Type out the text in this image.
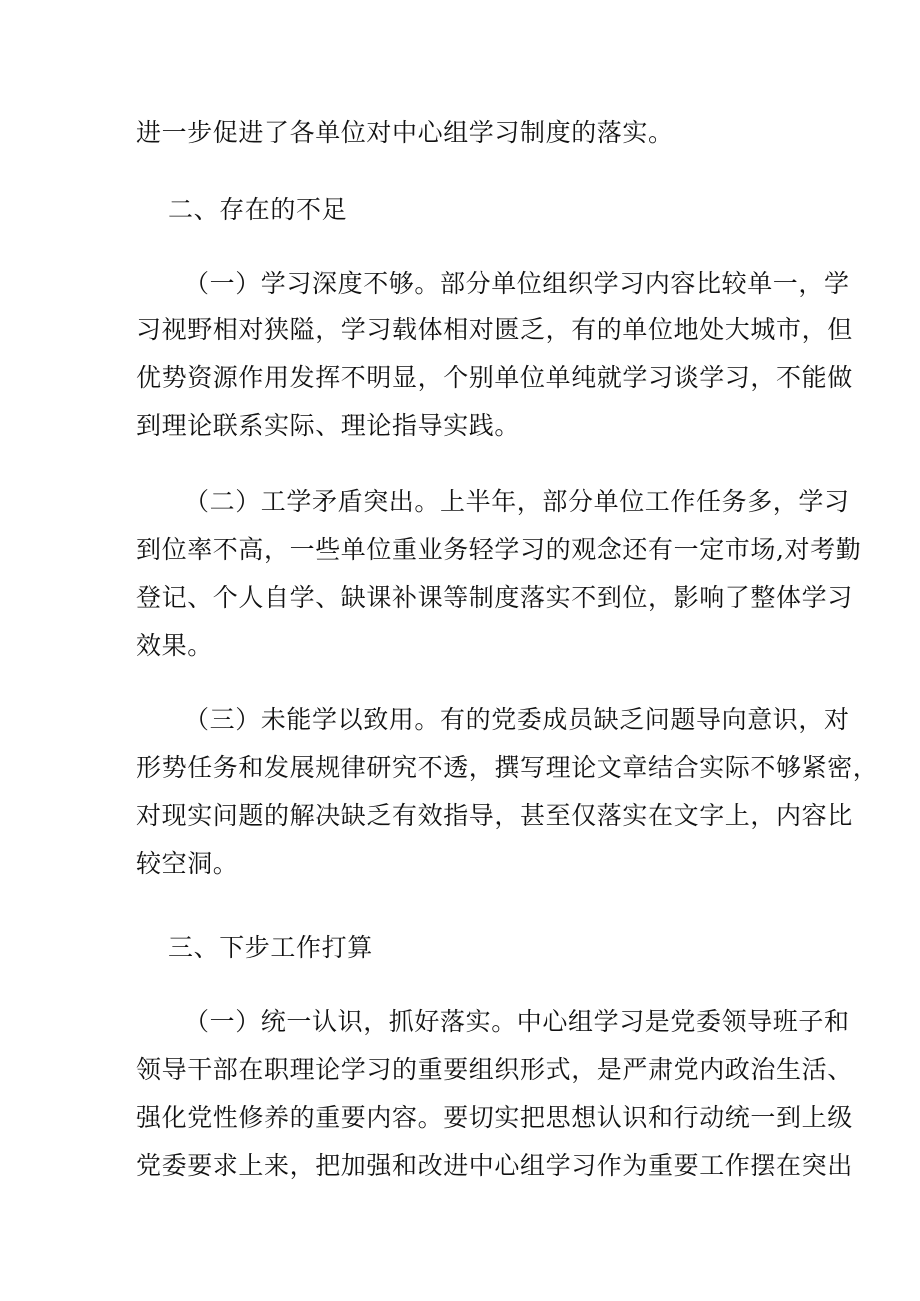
进一步促进了各单位对中心组学习制度的落实。
二、存在的不足
（一）学习深度不够。部分单位组织学习内容比较单一，学
习视野相对狭隘，学习载体相对匮乏，有的单位地处大城市，但
优势资源作用发挥不明显，个别单位单纯就学习谈学习，不能做
到理论联系实际、理论指导实践。
（二）工学矛盾突出。上半年，部分单位工作任务多，学习
到位率不高，一些单位重业务轻学习的观念还有一定市场,对考勤
登记、个人自学、缺课补课等制度落实不到位，影响了整体学习
效果。
（三）未能学以致用。有的党委成员缺乏问题导向意识，对
形势任务和发展规律研究不透，撰写理论文章结合实际不够紧密，
对现实问题的解决缺乏有效指导，甚至仅落实在文字上，内容比
较空洞。
三、下步工作打算
（一）统一认识，抓好落实。中心组学习是党委领导班子和
领导干部在职理论学习的重要组织形式，是严肃党内政治生活、
强化党性修养的重要内容。要切实把思想认识和行动统一到上级
党委要求上来，把加强和改进中心组学习作为重要工作摆在突出
